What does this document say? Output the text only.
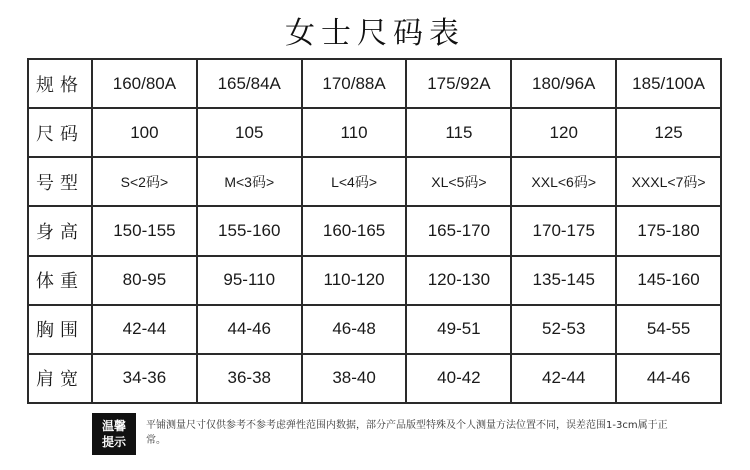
女士尺码表
规格	160/80A	165/84A	170/88A	175/92A	180/96A	185/100A
尺码	100	105	110	115	120	125
号型	S<2码>	M<3码>	L<4码>	XL<5码>	XXL<6码>	XXXL<7码>
身高	150-155	155-160	160-165	165-170	170-175	175-180
体重	80-95	95-110	110-120	120-130	135-145	145-160
胸围	42-44	44-46	46-48	49-51	52-53	54-55
肩宽	34-36	36-38	38-40	40-42	42-44	44-46
温馨提示
平铺测量尺寸仅供参考不参考虑弹性范围内数据，部分产品版型特殊及个人测量方法位置不同，误差范围1-3cm属于正常。
